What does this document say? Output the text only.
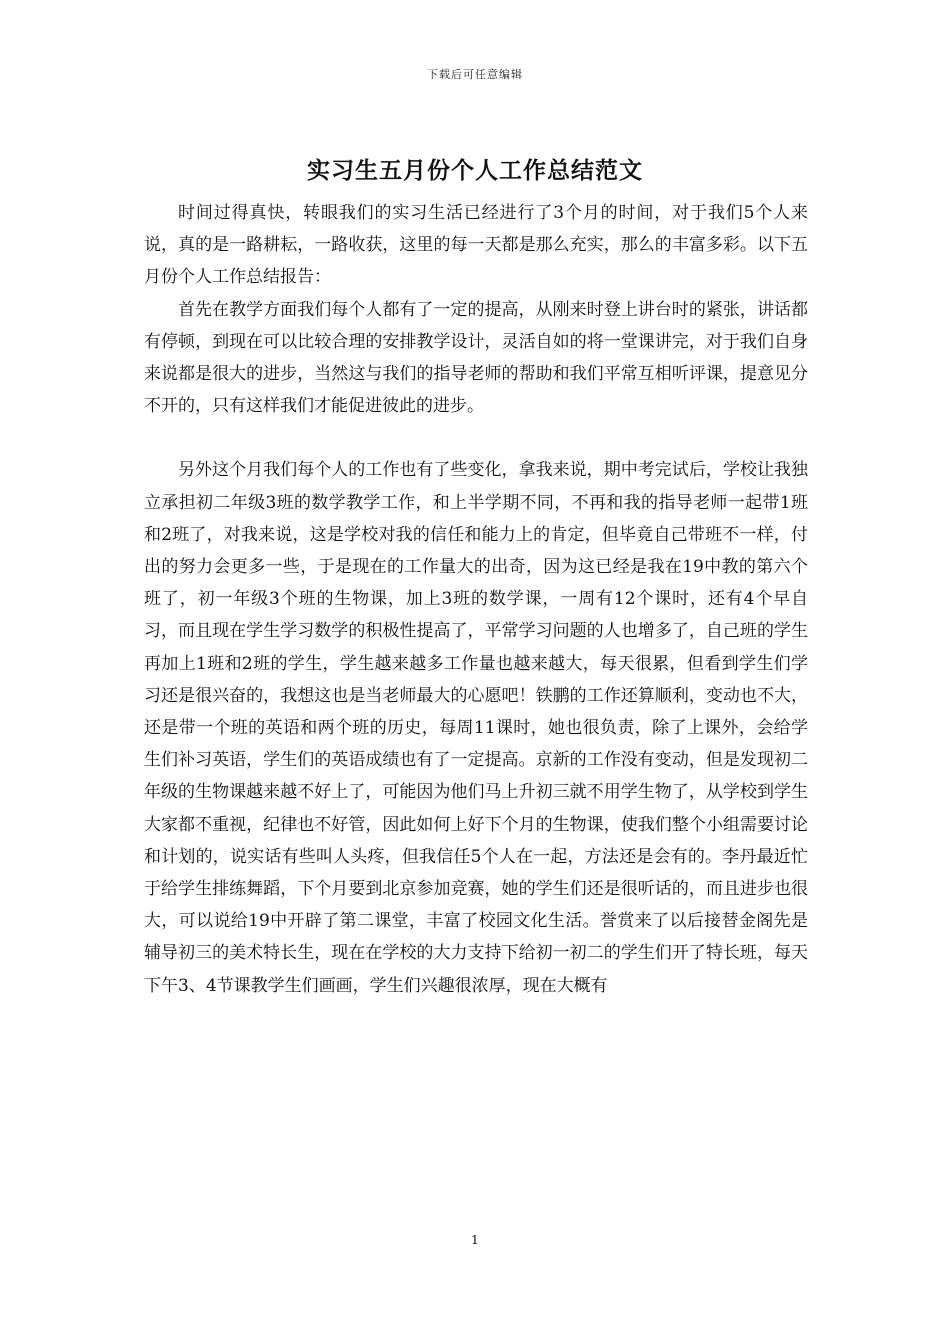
下载后可任意编辑
实习生五月份个人工作总结范文

时间过得真快，转眼我们的实习生活已经进行了3个月的时间，对于我们5个人来说，真的是一路耕耘，一路收获，这里的每一天都是那么充实，那么的丰富多彩。以下五月份个人工作总结报告：

首先在教学方面我们每个人都有了一定的提高，从刚来时登上讲台时的紧张，讲话都有停顿，到现在可以比较合理的安排教学设计，灵活自如的将一堂课讲完，对于我们自身来说都是很大的进步，当然这与我们的指导老师的帮助和我们平常互相听评课，提意见分不开的，只有这样我们才能促进彼此的进步。

另外这个月我们每个人的工作也有了些变化，拿我来说，期中考完试后，学校让我独立承担初二年级3班的数学教学工作，和上半学期不同，不再和我的指导老师一起带1班和2班了，对我来说，这是学校对我的信任和能力上的肯定，但毕竟自己带班不一样，付出的努力会更多一些，于是现在的工作量大的出奇，因为这已经是我在19中教的第六个班了，初一年级3个班的生物课，加上3班的数学课，一周有12个课时，还有4个早自习，而且现在学生学习数学的积极性提高了，平常学习问题的人也增多了，自己班的学生再加上1班和2班的学生，学生越来越多工作量也越来越大，每天很累，但看到学生们学习还是很兴奋的，我想这也是当老师最大的心愿吧！铁鹏的工作还算顺利，变动也不大，还是带一个班的英语和两个班的历史，每周11课时，她也很负责，除了上课外，会给学生们补习英语，学生们的英语成绩也有了一定提高。京新的工作没有变动，但是发现初二年级的生物课越来越不好上了，可能因为他们马上升初三就不用学生物了，从学校到学生大家都不重视，纪律也不好管，因此如何上好下个月的生物课，使我们整个小组需要讨论和计划的，说实话有些叫人头疼，但我信任5个人在一起，方法还是会有的。李丹最近忙于给学生排练舞蹈，下个月要到北京参加竞赛，她的学生们还是很听话的，而且进步也很大，可以说给19中开辟了第二课堂，丰富了校园文化生活。誉赏来了以后接替金阁先是辅导初三的美术特长生，现在在学校的大力支持下给初一初二的学生们开了特长班，每天下午3、4节课教学生们画画，学生们兴趣很浓厚，现在大概有

1
